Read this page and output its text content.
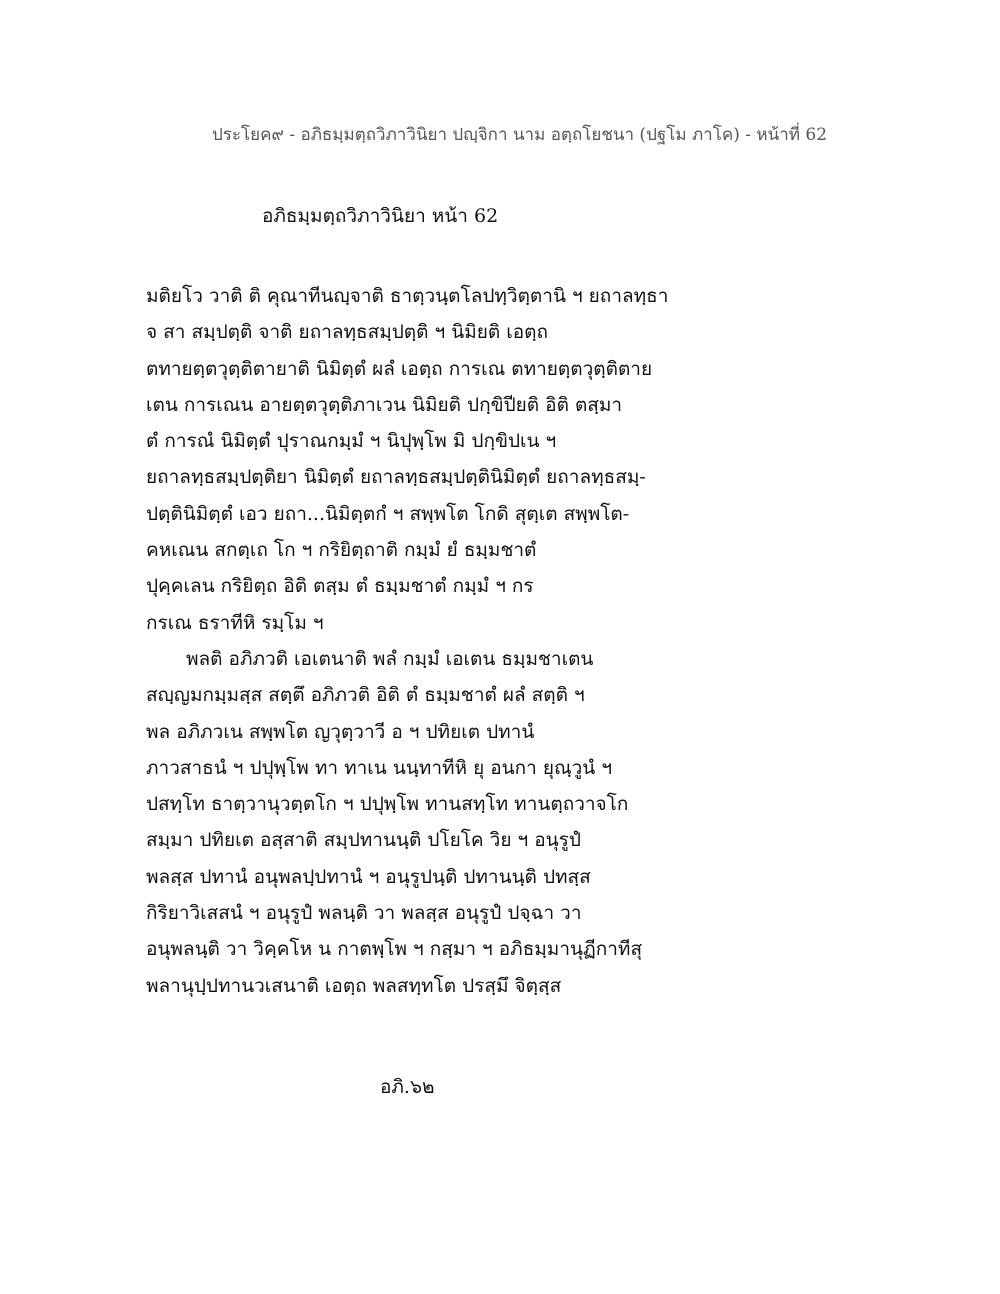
ประโยค๙ - อภิธมฺมตฺถวิภาวินิยา ปญฺจิกา นาม อตฺถโยชนา (ปฐโม ภาโค) - หน้าที่ 62
อภิธมฺมตฺถวิภาวินิยา หน้า 62
มติยโว วาติ ติ คุณาทีนญฺจาติ ธาตฺวนฺตโลปทฺวิตฺตานิ ฯ ยถาลทฺธา
จ สา สมฺปตฺติ จาติ ยถาลทฺธสมฺปตฺติ ฯ นิมิยติ เอตฺถ
ตทายตฺตวุตฺติตายาติ นิมิตฺตํ ผลํ เอตฺถ การเณ ตทายตฺตวุตฺติตาย
เตน การเณน อายตฺตวุตฺติภาเวน นิมิยติ ปกฺขิปียติ อิติ ตสฺมา
ตํ การณํ นิมิตฺตํ ปุราณกมฺมํ ฯ นิปุพฺโพ มิ ปกฺขิปเน ฯ
ยถาลทฺธสมฺปตฺติยา นิมิตฺตํ ยถาลทฺธสมฺปตฺตินิมิตฺตํ ยถาลทฺธสมฺ-
ปตฺตินิมิตฺตํ เอว ยถา...นิมิตฺตกํ ฯ สพฺพโต โกดิ สุตฺเต สพฺพโต-
คหเณน สกตฺเถ โก ฯ กริยิตฺถาติ กมฺมํ ยํ ธมฺมชาตํ
ปุคฺคเลน กริยิตฺถ อิติ ตสฺม ตํ ธมฺมชาตํ กมฺมํ ฯ กร
กรเณ ธราทีหิ รมฺโม ฯ
พลติ อภิภวติ เอเตนาติ พลํ กมฺมํ เอเตน ธมฺมชาเตน
สญฺญมกมฺมสฺส สตฺตึ อภิภวติ อิติ ตํ ธมฺมชาตํ ผลํ สตฺติ ฯ
พล อภิภวเน สพฺพโต ญวุตฺวาวี อ ฯ ปทิยเต ปทานํ
ภาวสาธนํ ฯ ปปุพฺโพ ทา ทาเน นนฺทาทีหิ ยุ อนกา ยุณฺวูนํ ฯ
ปสทฺโท ธาตฺวานุวตฺตโก ฯ ปปุพฺโพ ทานสทฺโท ทานตฺถวาจโก
สมฺมา ปทิยเต อสฺสาติ สมฺปทานนฺติ ปโยโค วิย ฯ อนุรูปํ
พลสฺส ปทานํ อนุพลปฺปทานํ ฯ อนุรูปนฺติ ปทานนฺติ ปทสฺส
กิริยาวิเสสนํ ฯ อนุรูปํ พลนฺติ วา พลสฺส อนุรูปํ ปจฺฉา วา
อนุพลนฺติ วา วิคฺคโห น กาตพฺโพ ฯ กสฺมา ฯ อภิธมฺมานุฏีกาทีสุ
พลานุปฺปทานวเสนาติ เอตฺถ พลสทฺทโต ปรสฺมึ จิตฺสฺส
อภิ.๖๒
